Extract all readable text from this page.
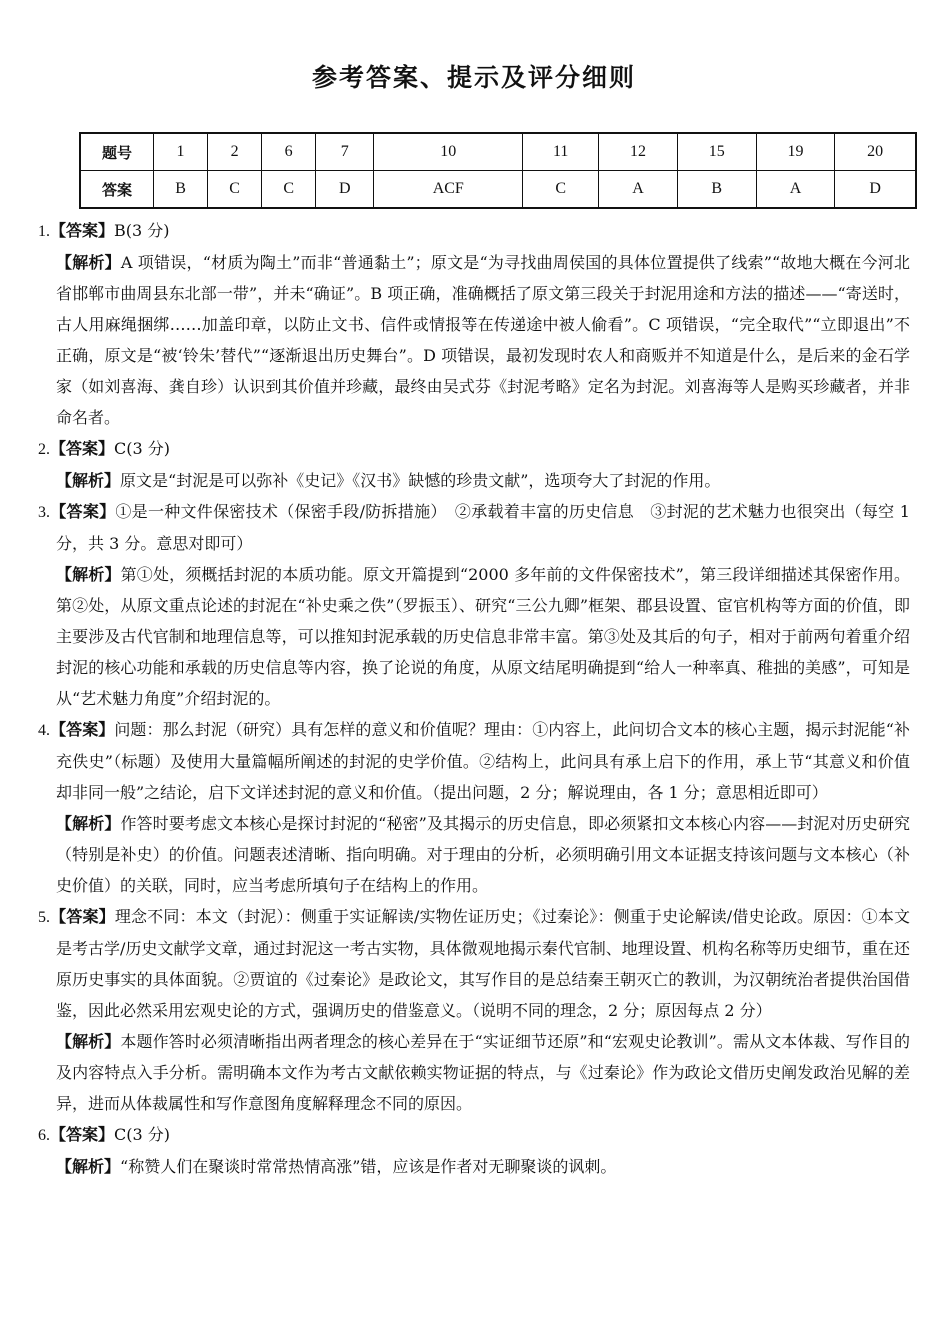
参考答案、提示及评分细则
题号	1	2	6	7	10	11	12	15	19	20
答案	B	C	C	D	ACF	C	A	B	A	D

1.【答案】B(3 分)

【解析】A 项错误，“材质为陶土”而非“普通黏土”；原文是“为寻找曲周侯国的具体位置提供了线索”“故地大概在今河北省邯郸市曲周县东北部一带”，并未“确证”。B 项正确，准确概括了原文第三段关于封泥用途和方法的描述——“寄送时，古人用麻绳捆绑……加盖印章，以防止文书、信件或情报等在传递途中被人偷看”。C 项错误，“完全取代”“立即退出”不正确，原文是“被‘铃朱’替代”“逐渐退出历史舞台”。D 项错误，最初发现时农人和商贩并不知道是什么，是后来的金石学家（如刘喜海、龚自珍）认识到其价值并珍藏，最终由吴式芬《封泥考略》定名为封泥。刘喜海等人是购买珍藏者，并非命名者。

2.【答案】C(3 分)

【解析】原文是“封泥是可以弥补《史记》《汉书》缺憾的珍贵文献”，选项夸大了封泥的作用。

3.【答案】①是一种文件保密技术（保密手段/防拆措施）　②承载着丰富的历史信息　③封泥的艺术魅力也很突出（每空 1 分，共 3 分。意思对即可）

【解析】第①处，须概括封泥的本质功能。原文开篇提到“2000 多年前的文件保密技术”，第三段详细描述其保密作用。第②处，从原文重点论述的封泥在“补史乘之佚”（罗振玉）、研究“三公九卿”框架、郡县设置、宦官机构等方面的价值，即主要涉及古代官制和地理信息等，可以推知封泥承载的历史信息非常丰富。第③处及其后的句子，相对于前两句着重介绍封泥的核心功能和承载的历史信息等内容，换了论说的角度，从原文结尾明确提到“给人一种率真、稚拙的美感”，可知是从“艺术魅力角度”介绍封泥的。

4.【答案】问题：那么封泥（研究）具有怎样的意义和价值呢？理由：①内容上，此问切合文本的核心主题，揭示封泥能“补充佚史”（标题）及使用大量篇幅所阐述的封泥的史学价值。②结构上，此问具有承上启下的作用，承上节“其意义和价值却非同一般”之结论，启下文详述封泥的意义和价值。（提出问题，2 分；解说理由，各 1 分；意思相近即可）

【解析】作答时要考虑文本核心是探讨封泥的“秘密”及其揭示的历史信息，即必须紧扣文本核心内容——封泥对历史研究（特别是补史）的价值。问题表述清晰、指向明确。对于理由的分析，必须明确引用文本证据支持该问题与文本核心（补史价值）的关联，同时，应当考虑所填句子在结构上的作用。

5.【答案】理念不同：本文（封泥）：侧重于实证解读/实物佐证历史；《过秦论》：侧重于史论解读/借史论政。原因：①本文是考古学/历史文献学文章，通过封泥这一考古实物，具体微观地揭示秦代官制、地理设置、机构名称等历史细节，重在还原历史事实的具体面貌。②贾谊的《过秦论》是政论文，其写作目的是总结秦王朝灭亡的教训，为汉朝统治者提供治国借鉴，因此必然采用宏观史论的方式，强调历史的借鉴意义。（说明不同的理念，2 分；原因每点 2 分）

【解析】本题作答时必须清晰指出两者理念的核心差异在于“实证细节还原”和“宏观史论教训”。需从文本体裁、写作目的及内容特点入手分析。需明确本文作为考古文献依赖实物证据的特点，与《过秦论》作为政论文借历史阐发政治见解的差异，进而从体裁属性和写作意图角度解释理念不同的原因。

6.【答案】C(3 分)

【解析】“称赞人们在聚谈时常常热情高涨”错，应该是作者对无聊聚谈的讽刺。
